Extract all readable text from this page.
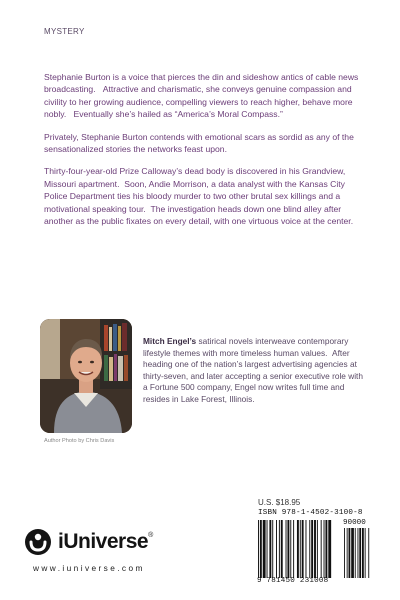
MYSTERY

Stephanie Burton is a voice that pierces the din and sideshow antics of cable news broadcasting.   Attractive and charismatic, she conveys genuine compassion and civility to her growing audience, compelling viewers to reach higher, behave more nobly.   Eventually she’s hailed as “America’s Moral Compass.”

Privately, Stephanie Burton contends with emotional scars as sordid as any of the sensationalized stories the networks feast upon.

Thirty-four-year-old Prize Calloway’s dead body is discovered in his Grandview, Missouri apartment.  Soon, Andie Morrison, a data analyst with the Kansas City Police Department ties his bloody murder to two other brutal sex killings and a motivational speaking tour.  The investigation heads down one blind alley after another as the public fixates on every detail, with one virtuous voice at the center.

Author Photo by Chris Davis
Mitch Engel’s satirical novels interweave contemporary lifestyle themes with more timeless human values.  After heading one of the nation’s largest advertising agencies at thirty-seven, and later accepting a senior executive role with a Fortune 500 company, Engel now writes full time and resides in Lake Forest, Illinois.
iUniverse®
www.iuniverse.com
U.S. $18.95
ISBN 978-1-4502-3100-8
90000
9 781450 231008
